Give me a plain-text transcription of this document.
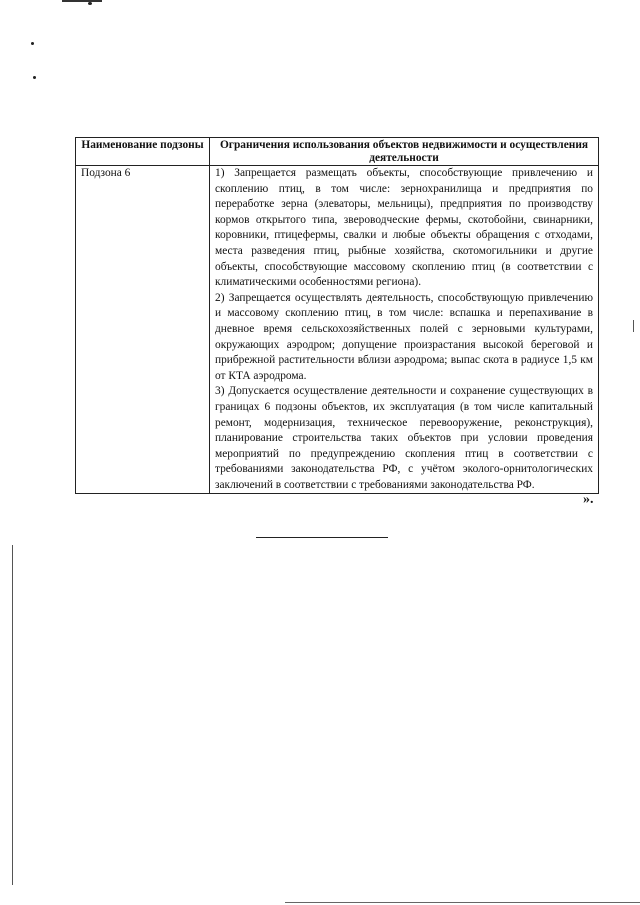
Наименование подзоны	Ограничения использования объектов недвижимости и осуществления деятельности
Подзона 6	1) Запрещается размещать объекты, способствующие привлечению и скоплению птиц, в том числе: зернохранилища и предприятия по переработке зерна (элеваторы, мельницы), предприятия по производству кормов открытого типа, звероводческие фермы, скотобойни, свинарники, коровники, птицефермы, свалки и любые объекты обращения с отходами, места разведения птиц, рыбные хозяйства, скотомогильники и другие объекты, способствующие массовому скоплению птиц (в соответствии с климатическими особенностями региона).

2) Запрещается осуществлять деятельность, способствующую привлечению и массовому скоплению птиц, в том числе: вспашка и перепахивание в дневное время сельскохозяйственных полей с зерновыми культурами, окружающих аэродром; допущение произрастания высокой береговой и прибрежной растительности вблизи аэродрома; выпас скота в радиусе 1,5 км от КТА аэродрома.

3) Допускается осуществление деятельности и сохранение существующих в границах 6 подзоны объектов, их эксплуатация (в том числе капитальный ремонт, модернизация, техническое перевооружение, реконструкция), планирование строительства таких объектов при условии проведения мероприятий по предупреждению скопления птиц в соответствии с требованиями законодательства РФ, с учётом эколого-орнитологических заключений в соответствии с требованиями законодательства РФ.

».
